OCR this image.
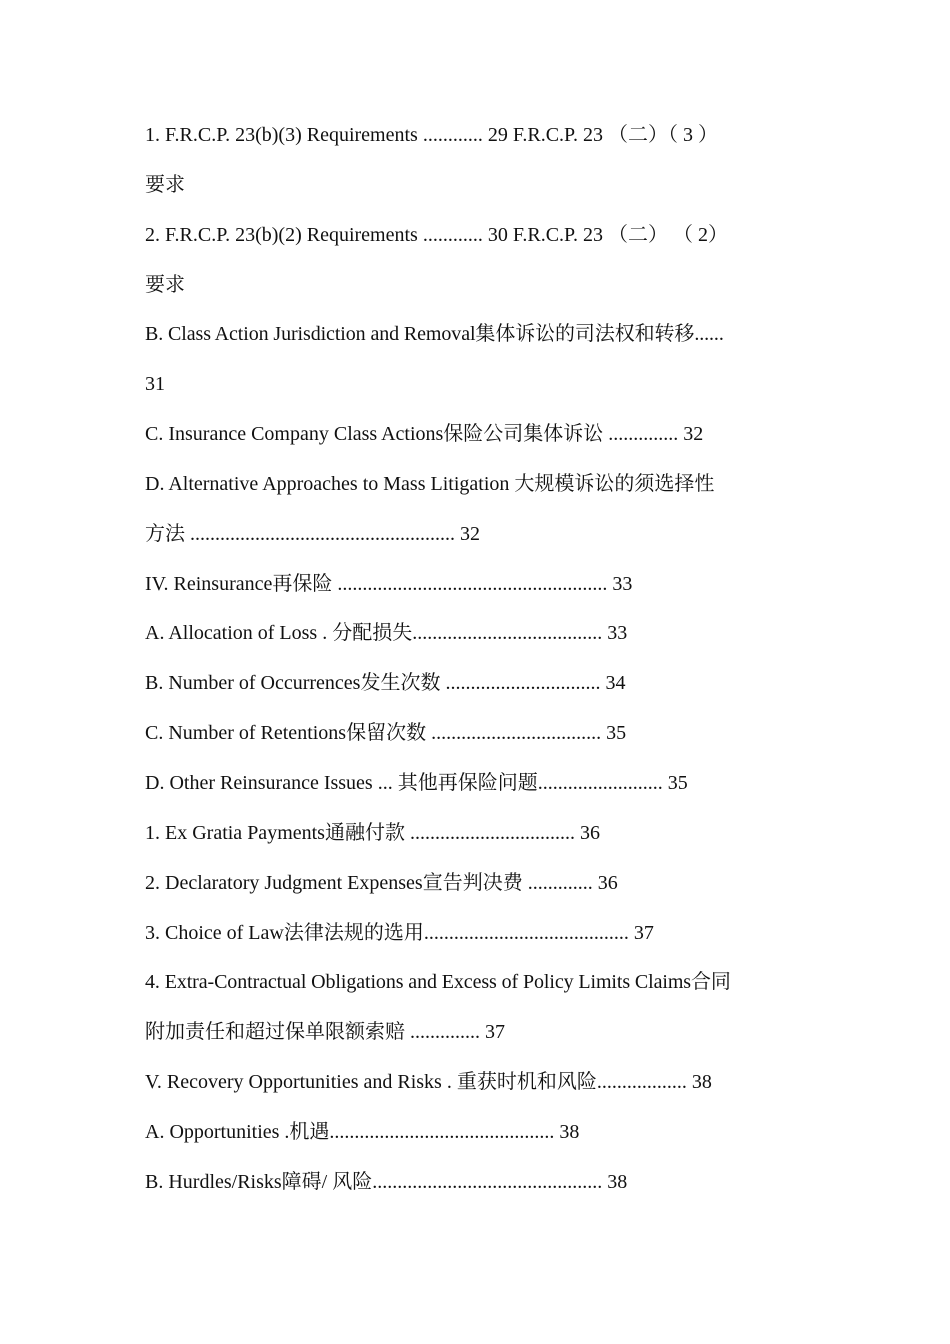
1. F.R.C.P. 23(b)(3) Requirements ............ 29 F.R.C.P. 23 （二）（ 3 ）
要求
2. F.R.C.P. 23(b)(2) Requirements ............ 30 F.R.C.P. 23 （二） （ 2）
要求
B. Class Action Jurisdiction and Removal集体诉讼的司法权和转移......
31
C. Insurance Company Class Actions保险公司集体诉讼 .............. 32
D. Alternative Approaches to Mass Litigation 大规模诉讼的须选择性
方法 ..................................................... 32
IV. Reinsurance再保险 ...................................................... 33
A. Allocation of Loss . 分配损失...................................... 33
B. Number of Occurrences发生次数 ............................... 34
C. Number of Retentions保留次数 .................................. 35
D. Other Reinsurance Issues ... 其他再保险问题......................... 35
1. Ex Gratia Payments通融付款 ................................. 36
2. Declaratory Judgment Expenses宣告判决费 ............. 36
3. Choice of Law法律法规的选用......................................... 37
4. Extra-Contractual Obligations and Excess of Policy Limits Claims合同
附加责任和超过保单限额索赔 .............. 37
V. Recovery Opportunities and Risks . 重获时机和风险.................. 38
A. Opportunities .机遇............................................. 38
B. Hurdles/Risks障碍/ 风险.............................................. 38
